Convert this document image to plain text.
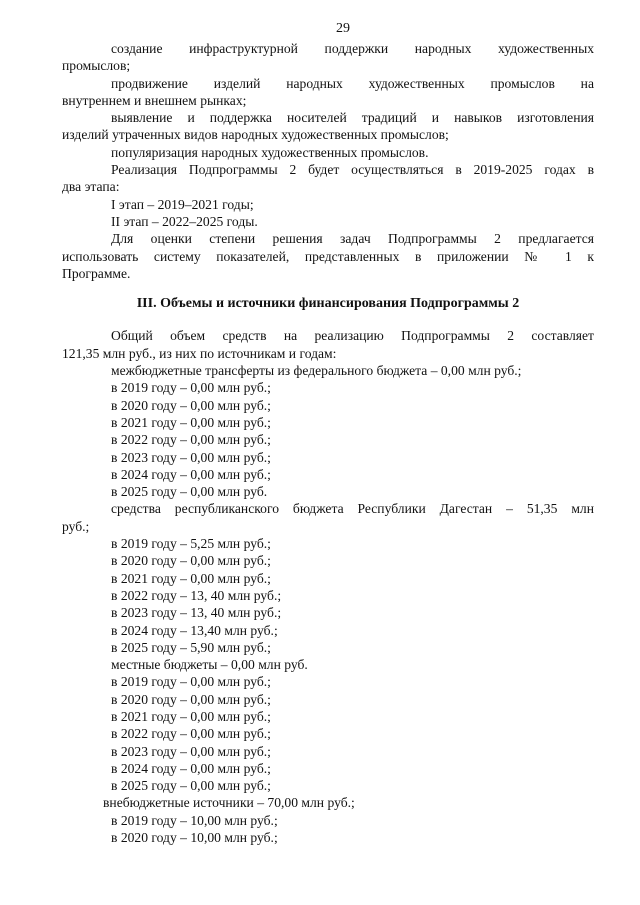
29
создание инфраструктурной поддержки народных художественных
промыслов;
продвижение изделий народных художественных промыслов на
внутреннем и внешнем рынках;
выявление и поддержка носителей традиций и навыков изготовления
изделий утраченных видов народных художественных промыслов;
популяризация народных художественных промыслов.
Реализация Подпрограммы 2 будет осуществляться в 2019-2025 годах в
два этапа:
I этап – 2019–2021 годы;
II этап – 2022–2025 годы.
Для оценки степени решения задач Подпрограммы 2 предлагается
использовать систему показателей, представленных в приложении № 1 к
Программе.
III. Объемы и источники финансирования Подпрограммы 2
Общий объем средств на реализацию Подпрограммы 2 составляет
121,35 млн руб., из них по источникам и годам:
межбюджетные трансферты из федерального бюджета – 0,00 млн руб.;
в 2019 году – 0,00 млн руб.;
в 2020 году – 0,00 млн руб.;
в 2021 году – 0,00 млн руб.;
в 2022 году – 0,00 млн руб.;
в 2023 году – 0,00 млн руб.;
в 2024 году – 0,00 млн руб.;
в 2025 году – 0,00 млн руб.
средства республиканского бюджета Республики Дагестан – 51,35 млн
руб.;
в 2019 году – 5,25 млн руб.;
в 2020 году – 0,00 млн руб.;
в 2021 году – 0,00 млн руб.;
в 2022 году – 13, 40 млн руб.;
в 2023 году – 13, 40 млн руб.;
в 2024 году – 13,40 млн руб.;
в 2025 году – 5,90 млн руб.;
местные бюджеты – 0,00 млн руб.
в 2019 году – 0,00 млн руб.;
в 2020 году – 0,00 млн руб.;
в 2021 году – 0,00 млн руб.;
в 2022 году – 0,00 млн руб.;
в 2023 году – 0,00 млн руб.;
в 2024 году – 0,00 млн руб.;
в 2025 году – 0,00 млн руб.;
внебюджетные источники – 70,00 млн руб.;
в 2019 году – 10,00 млн руб.;
в 2020 году – 10,00 млн руб.;
